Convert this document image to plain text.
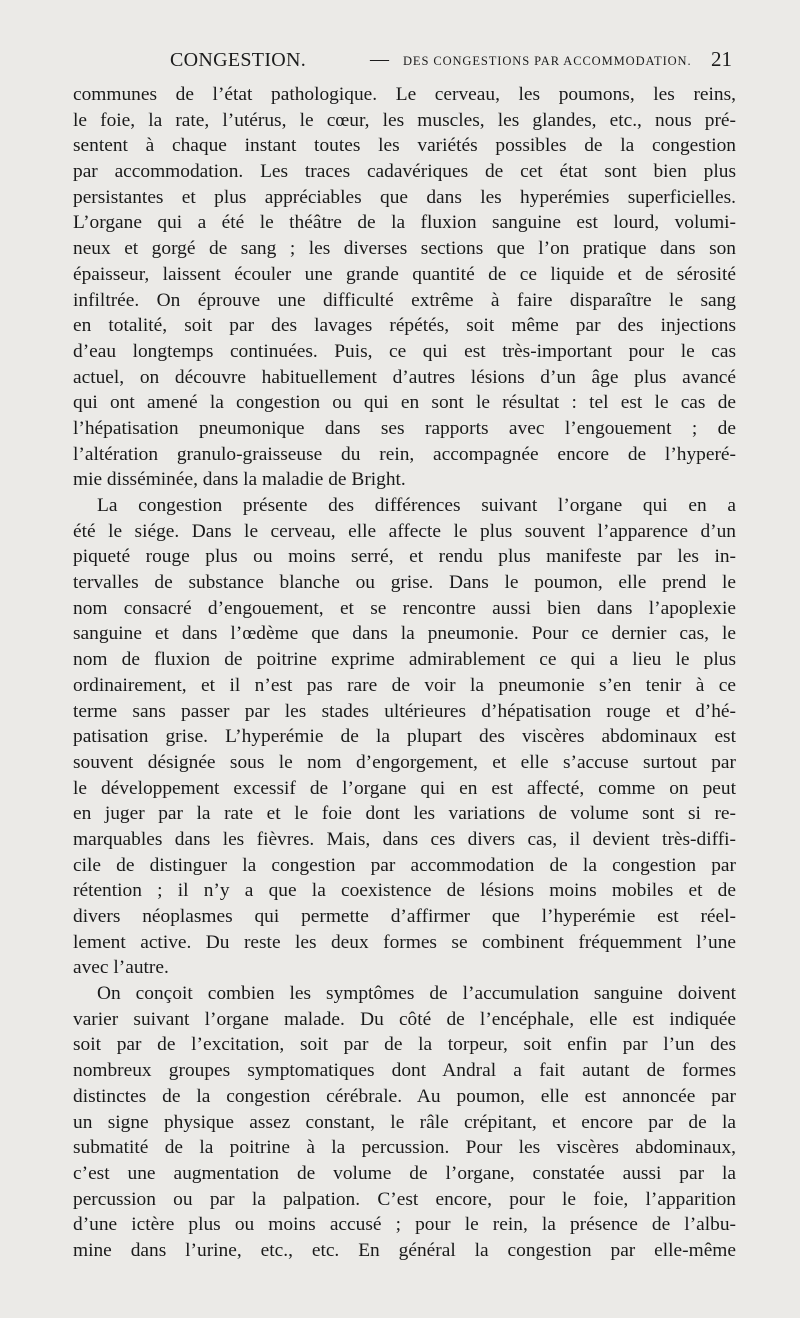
CONGESTION.	— DES CONGESTIONS PAR ACCOMMODATION. 21
communes de l’état pathologique. Le cerveau, les poumons, les reins,
le foie, la rate, l’utérus, le cœur, les muscles, les glandes, etc., nous pré-
sentent à chaque instant toutes les variétés possibles de la congestion
par accommodation. Les traces cadavériques de cet état sont bien plus
persistantes et plus appréciables que dans les hyperémies superficielles.
L’organe qui a été le théâtre de la fluxion sanguine est lourd, volumi-
neux et gorgé de sang ; les diverses sections que l’on pratique dans son
épaisseur, laissent écouler une grande quantité de ce liquide et de sérosité
infiltrée. On éprouve une difficulté extrême à faire disparaître le sang
en totalité, soit par des lavages répétés, soit même par des injections
d’eau longtemps continuées. Puis, ce qui est très-important pour le cas
actuel, on découvre habituellement d’autres lésions d’un âge plus avancé
qui ont amené la congestion ou qui en sont le résultat : tel est le cas de
l’hépatisation pneumonique dans ses rapports avec l’engouement ; de
l’altération granulo-graisseuse du rein, accompagnée encore de l’hyperé-
mie disséminée, dans la maladie de Bright.
La congestion présente des différences suivant l’organe qui en a
été le siége. Dans le cerveau, elle affecte le plus souvent l’apparence d’un
piqueté rouge plus ou moins serré, et rendu plus manifeste par les in-
tervalles de substance blanche ou grise. Dans le poumon, elle prend le
nom consacré d’engouement, et se rencontre aussi bien dans l’apoplexie
sanguine et dans l’œdème que dans la pneumonie. Pour ce dernier cas, le
nom de fluxion de poitrine exprime admirablement ce qui a lieu le plus
ordinairement, et il n’est pas rare de voir la pneumonie s’en tenir à ce
terme sans passer par les stades ultérieures d’hépatisation rouge et d’hé-
patisation grise. L’hyperémie de la plupart des viscères abdominaux est
souvent désignée sous le nom d’engorgement, et elle s’accuse surtout par
le développement excessif de l’organe qui en est affecté, comme on peut
en juger par la rate et le foie dont les variations de volume sont si re-
marquables dans les fièvres. Mais, dans ces divers cas, il devient très-diffi-
cile de distinguer la congestion par accommodation de la congestion par
rétention ; il n’y a que la coexistence de lésions moins mobiles et de
divers néoplasmes qui permette d’affirmer que l’hyperémie est réel-
lement active. Du reste les deux formes se combinent fréquemment l’une
avec l’autre.
On conçoit combien les symptômes de l’accumulation sanguine doivent
varier suivant l’organe malade. Du côté de l’encéphale, elle est indiquée
soit par de l’excitation, soit par de la torpeur, soit enfin par l’un des
nombreux groupes symptomatiques dont Andral a fait autant de formes
distinctes de la congestion cérébrale. Au poumon, elle est annoncée par
un signe physique assez constant, le râle crépitant, et encore par de la
submatité de la poitrine à la percussion. Pour les viscères abdominaux,
c’est une augmentation de volume de l’organe, constatée aussi par la
percussion ou par la palpation. C’est encore, pour le foie, l’apparition
d’une ictère plus ou moins accusé ; pour le rein, la présence de l’albu-
mine dans l’urine, etc., etc. En général la congestion par elle-même
